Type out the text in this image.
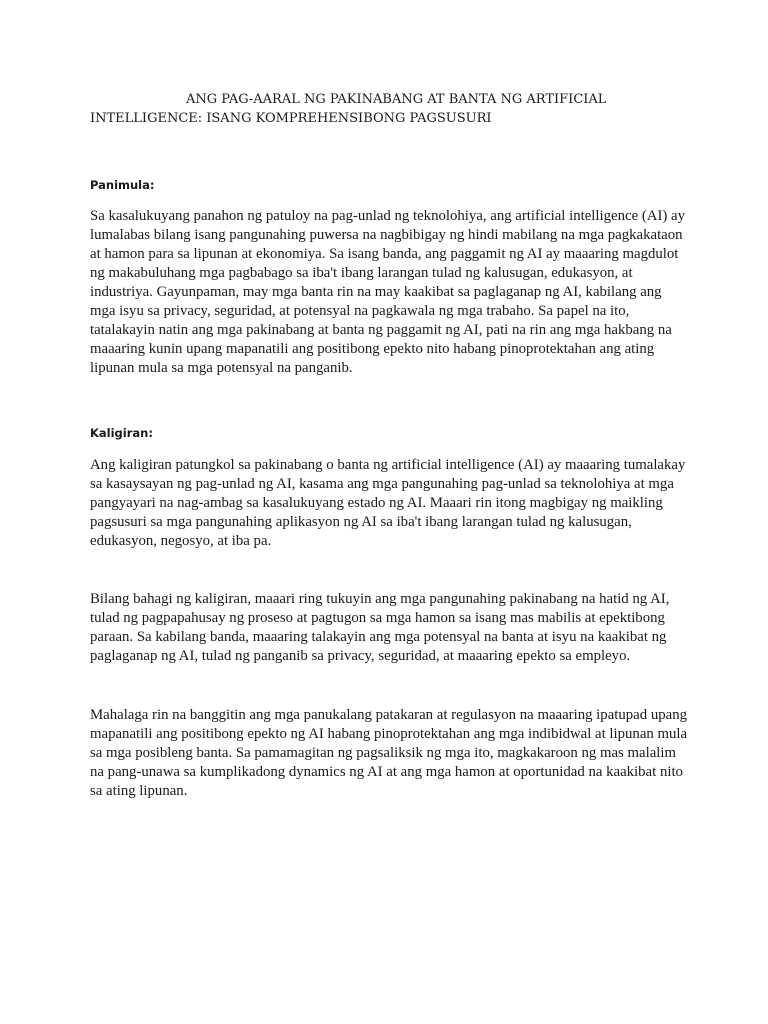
ANG PAG-AARAL NG PAKINABANG AT BANTA NG ARTIFICIAL INTELLIGENCE: ISANG KOMPREHENSIBONG PAGSUSURI
Panimula:

Sa kasalukuyang panahon ng patuloy na pag-unlad ng teknolohiya, ang artificial intelligence (AI) ay lumalabas bilang isang pangunahing puwersa na nagbibigay ng hindi mabilang na mga pagkakataon at hamon para sa lipunan at ekonomiya. Sa isang banda, ang paggamit ng AI ay maaaring magdulot ng makabuluhang mga pagbabago sa iba't ibang larangan tulad ng kalusugan, edukasyon, at industriya. Gayunpaman, may mga banta rin na may kaakibat sa paglaganap ng AI, kabilang ang mga isyu sa privacy, seguridad, at potensyal na pagkawala ng mga trabaho. Sa papel na ito, tatalakayin natin ang mga pakinabang at banta ng paggamit ng AI, pati na rin ang mga hakbang na maaaring kunin upang mapanatili ang positibong epekto nito habang pinoprotektahan ang ating lipunan mula sa mga potensyal na panganib.

Kaligiran:

Ang kaligiran patungkol sa pakinabang o banta ng artificial intelligence (AI) ay maaaring tumalakay sa kasaysayan ng pag-unlad ng AI, kasama ang mga pangunahing pag-unlad sa teknolohiya at mga pangyayari na nag-ambag sa kasalukuyang estado ng AI. Maaari rin itong magbigay ng maikling pagsusuri sa mga pangunahing aplikasyon ng AI sa iba't ibang larangan tulad ng kalusugan, edukasyon, negosyo, at iba pa.

Bilang bahagi ng kaligiran, maaari ring tukuyin ang mga pangunahing pakinabang na hatid ng AI, tulad ng pagpapahusay ng proseso at pagtugon sa mga hamon sa isang mas mabilis at epektibong paraan. Sa kabilang banda, maaaring talakayin ang mga potensyal na banta at isyu na kaakibat ng paglaganap ng AI, tulad ng panganib sa privacy, seguridad, at maaaring epekto sa empleyo.

Mahalaga rin na banggitin ang mga panukalang patakaran at regulasyon na maaaring ipatupad upang mapanatili ang positibong epekto ng AI habang pinoprotektahan ang mga indibidwal at lipunan mula sa mga posibleng banta. Sa pamamagitan ng pagsaliksik ng mga ito, magkakaroon ng mas malalim na pang-unawa sa kumplikadong dynamics ng AI at ang mga hamon at oportunidad na kaakibat nito sa ating lipunan.
